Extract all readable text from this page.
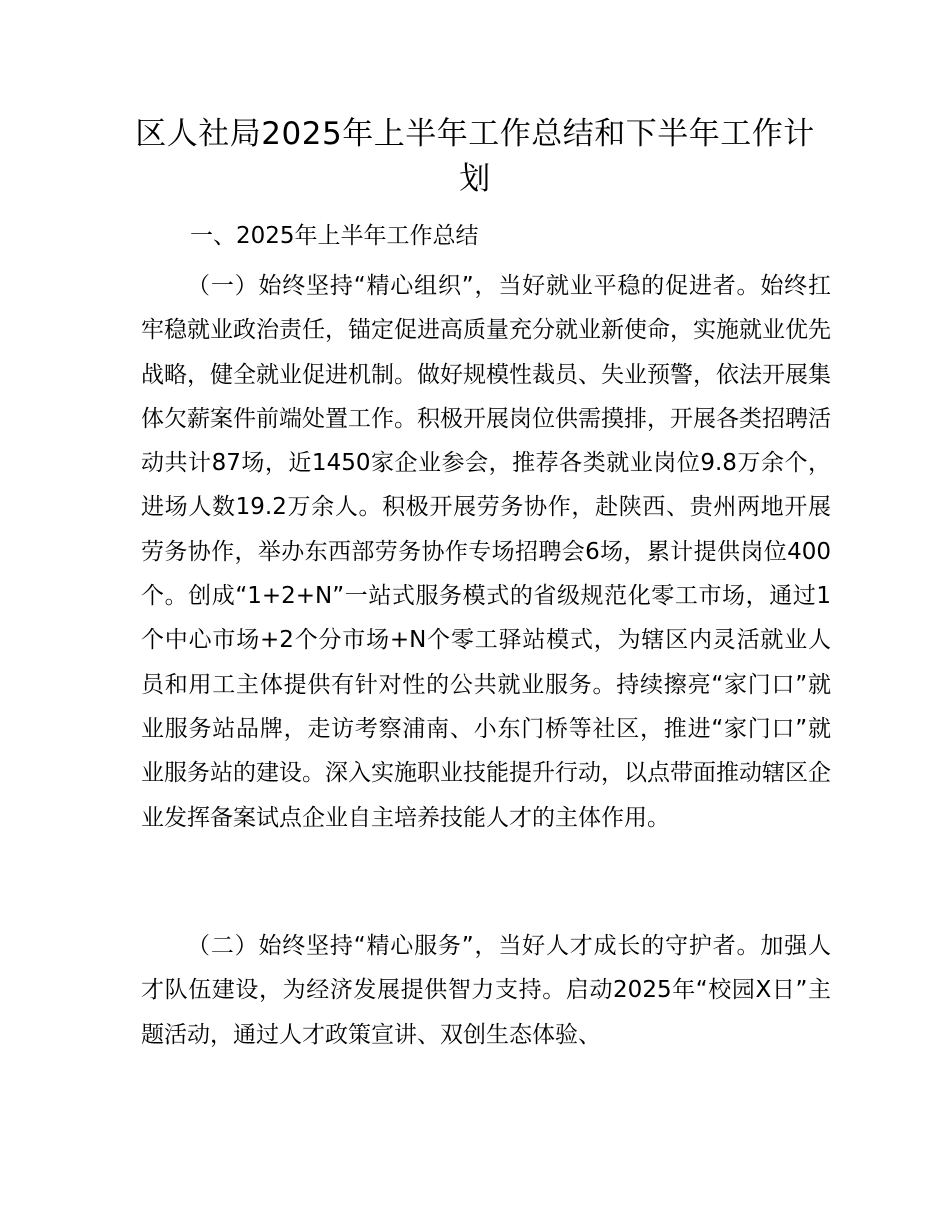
区人社局2025年上半年工作总结和下半年工作计划
一、2025年上半年工作总结

（一）始终坚持“精心组织”，当好就业平稳的促进者。始终扛牢稳就业政治责任，锚定促进高质量充分就业新使命，实施就业优先战略，健全就业促进机制。做好规模性裁员、失业预警，依法开展集体欠薪案件前端处置工作。积极开展岗位供需摸排，开展各类招聘活动共计87场，近1450家企业参会，推荐各类就业岗位9.8万余个，进场人数19.2万余人。积极开展劳务协作，赴陕西、贵州两地开展劳务协作，举办东西部劳务协作专场招聘会6场，累计提供岗位400个。创成“1+2+N”一站式服务模式的省级规范化零工市场，通过1个中心市场+2个分市场+N个零工驿站模式，为辖区内灵活就业人员和用工主体提供有针对性的公共就业服务。持续擦亮“家门口”就业服务站品牌，走访考察浦南、小东门桥等社区，推进“家门口”就业服务站的建设。深入实施职业技能提升行动，以点带面推动辖区企业发挥备案试点企业自主培养技能人才的主体作用。

（二）始终坚持“精心服务”，当好人才成长的守护者。加强人才队伍建设，为经济发展提供智力支持。启动2025年“校园X日”主题活动，通过人才政策宣讲、双创生态体验、
